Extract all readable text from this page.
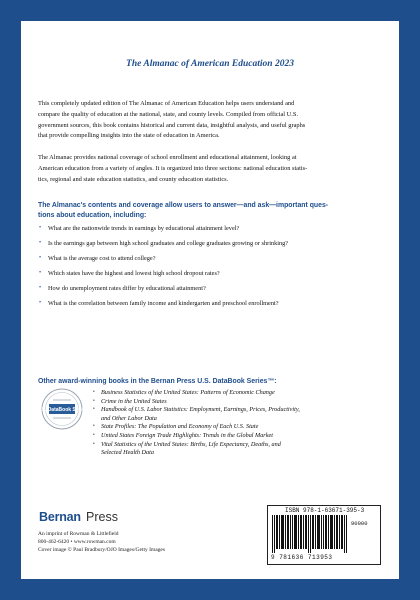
The Almanac of American Education 2023
This completely updated edition of The Almanac of American Education helps users understand and
compare the quality of education at the national, state, and county levels. Compiled from official U.S.
government sources, this book contains historical and current data, insightful analysis, and useful graphs
that provide compelling insights into the state of education in America.
The Almanac provides national coverage of school enrollment and educational attainment, looking at
American education from a variety of angles. It is organized into three sections: national education statis-
tics, regional and state education statistics, and county education statistics.
The Almanac's contents and coverage allow users to answer—and ask—important ques-
tions about education, including:
• What are the nationwide trends in earnings by educational attainment level?
• Is the earnings gap between high school graduates and college graduates growing or shrinking?
• What is the average cost to attend college?
• Which states have the highest and lowest high school dropout rates?
• How do unemployment rates differ by educational attainment?
• What is the correlation between family income and kindergarten and preschool enrollment?
Other award-winning books in the Bernan Press U.S. DataBook Series™:
U.S. DataBook Series
• Business Statistics of the United States: Patterns of Economic Change
• Crime in the United States
• Handbook of U.S. Labor Statistics: Employment, Earnings, Prices, Productivity,
and Other Labor Data
• State Profiles: The Population and Economy of Each U.S. State
• United States Foreign Trade Highlights: Trends in the Global Market
• Vital Statistics of the United States: Births, Life Expectancy, Deaths, and
Selected Health Data
Bernan Press
An imprint of Rowman & Littlefield
800-462-6420 • www.rowman.com
Cover image © Paul Bradbury/OJO Images/Getty Images
ISBN 978-1-63671-395-3
90000
9 781636 713953
